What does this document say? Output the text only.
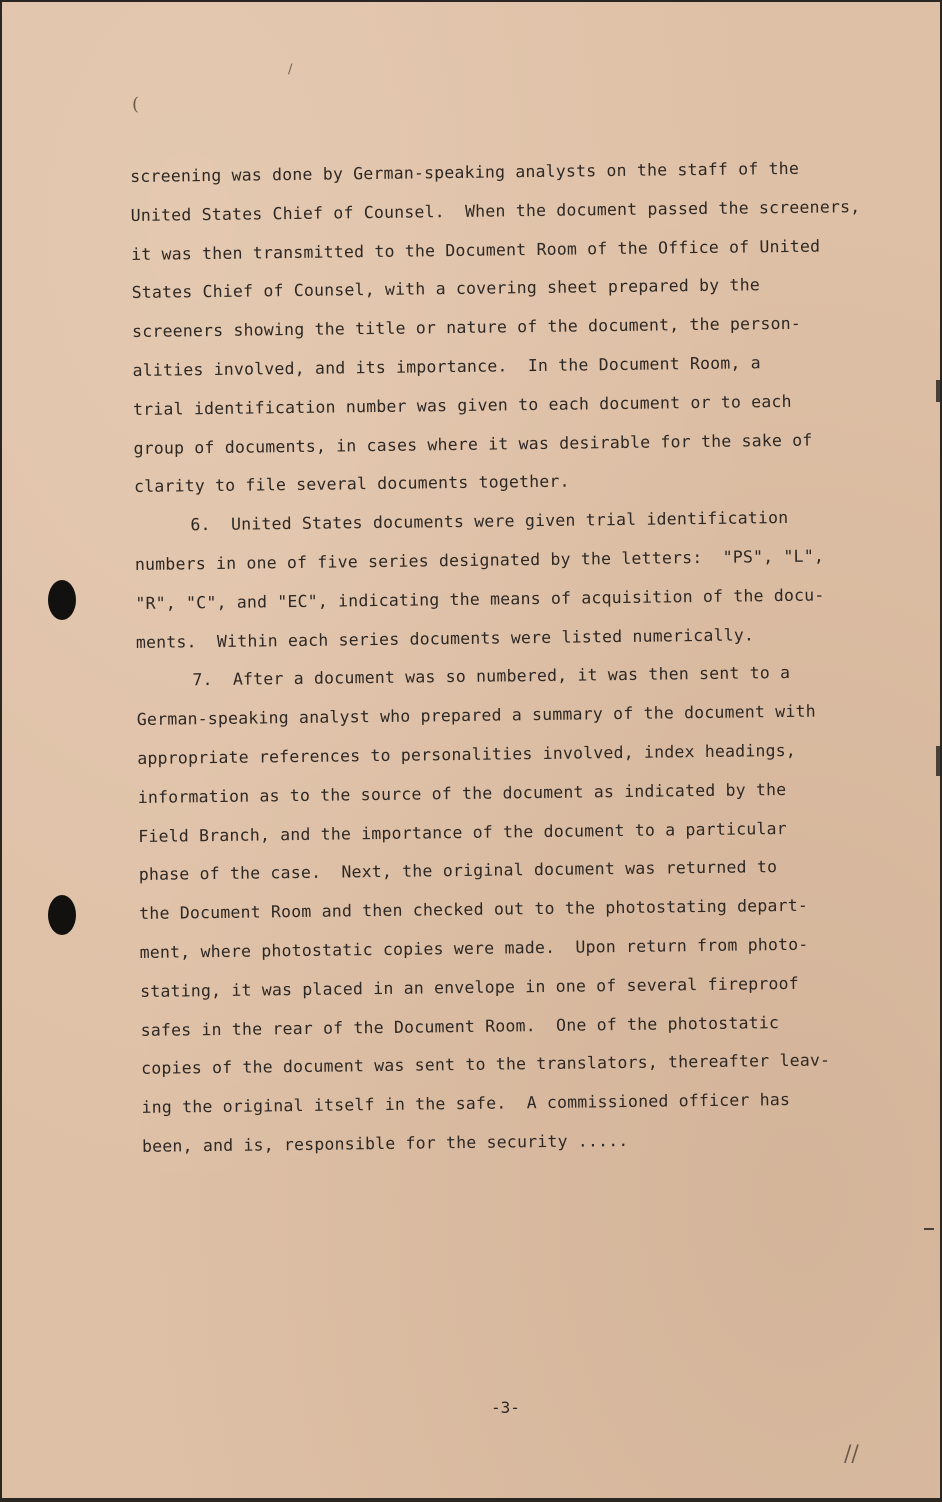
(
/
//
screening was done by German-speaking analysts on the staff of the
United States Chief of Counsel.  When the document passed the screeners,
it was then transmitted to the Document Room of the Office of United
States Chief of Counsel, with a covering sheet prepared by the
screeners showing the title or nature of the document, the person-
alities involved, and its importance.  In the Document Room, a
trial identification number was given to each document or to each
group of documents, in cases where it was desirable for the sake of
clarity to file several documents together.
6.  United States documents were given trial identification
numbers in one of five series designated by the letters:  "PS", "L",
"R", "C", and "EC", indicating the means of acquisition of the docu-
ments.  Within each series documents were listed numerically.
7.  After a document was so numbered, it was then sent to a
German-speaking analyst who prepared a summary of the document with
appropriate references to personalities involved, index headings,
information as to the source of the document as indicated by the
Field Branch, and the importance of the document to a particular
phase of the case.  Next, the original document was returned to
the Document Room and then checked out to the photostating depart-
ment, where photostatic copies were made.  Upon return from photo-
stating, it was placed in an envelope in one of several fireproof
safes in the rear of the Document Room.  One of the photostatic
copies of the document was sent to the translators, thereafter leav-
ing the original itself in the safe.  A commissioned officer has
been, and is, responsible for the security .....
-3-
